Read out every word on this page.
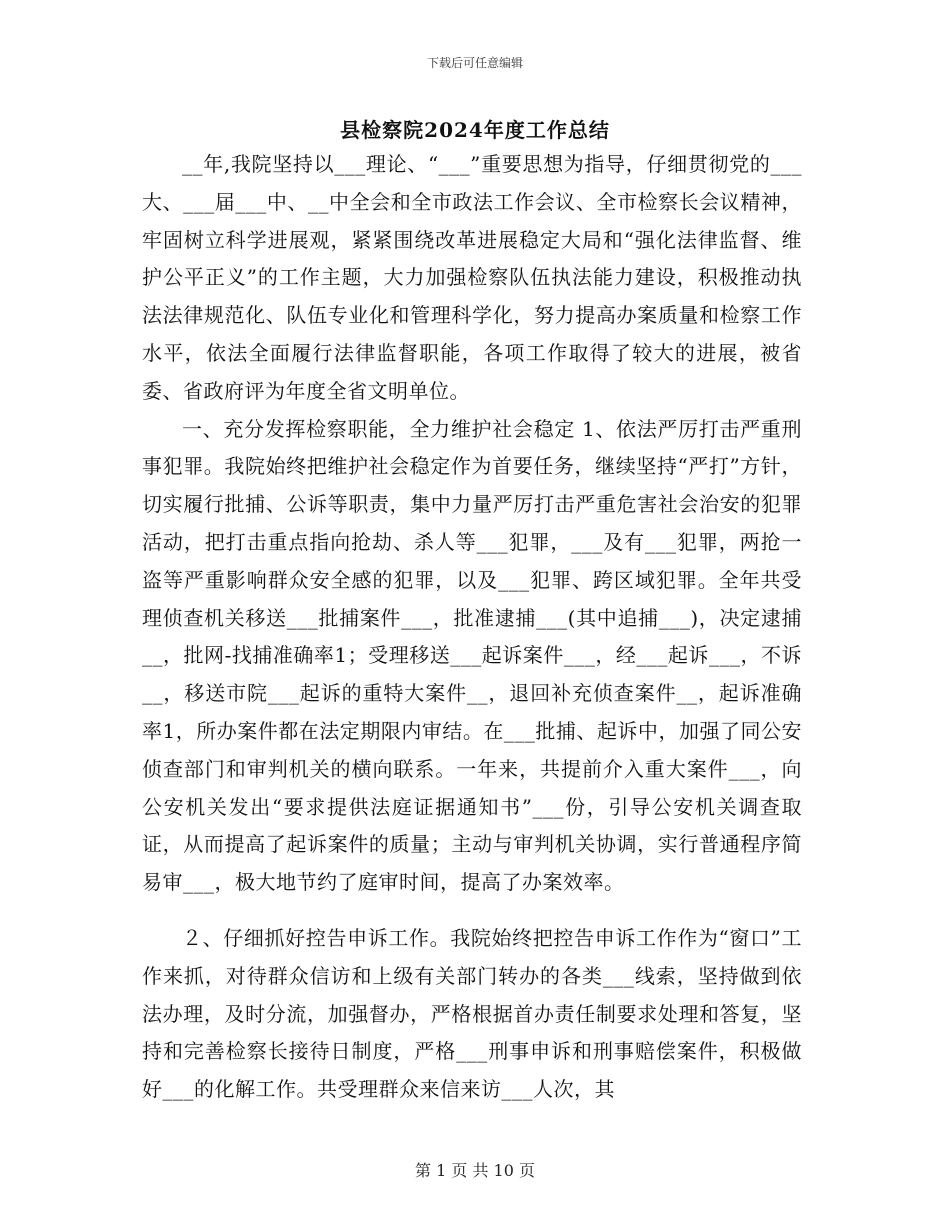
下载后可任意编辑
县检察院2024年度工作总结

__年,我院坚持以___理论、“___”重要思想为指导，仔细贯彻党的___大、___届___中、__中全会和全市政法工作会议、全市检察长会议精神，牢固树立科学进展观，紧紧围绕改革进展稳定大局和“强化法律监督、维护公平正义”的工作主题，大力加强检察队伍执法能力建设，积极推动执法法律规范化、队伍专业化和管理科学化，努力提高办案质量和检察工作水平，依法全面履行法律监督职能，各项工作取得了较大的进展，被省委、省政府评为年度全省文明单位。

一、充分发挥检察职能，全力维护社会稳定 1、依法严厉打击严重刑事犯罪。我院始终把维护社会稳定作为首要任务，继续坚持“严打”方针，切实履行批捕、公诉等职责，集中力量严厉打击严重危害社会治安的犯罪活动，把打击重点指向抢劫、杀人等___犯罪，___及有___犯罪，两抢一盗等严重影响群众安全感的犯罪，以及___犯罪、跨区域犯罪。全年共受理侦查机关移送___批捕案件___，批准逮捕___(其中追捕___)，决定逮捕__，批网-找捕准确率1；受理移送___起诉案件___，经___起诉___，不诉__，移送市院___起诉的重特大案件__，退回补充侦查案件__，起诉准确率1，所办案件都在法定期限内审结。在___批捕、起诉中，加强了同公安侦查部门和审判机关的横向联系。一年来，共提前介入重大案件___，向公安机关发出“要求提供法庭证据通知书”___份，引导公安机关调查取证，从而提高了起诉案件的质量；主动与审判机关协调，实行普通程序简易审___，极大地节约了庭审时间，提高了办案效率。

２、仔细抓好控告申诉工作。我院始终把控告申诉工作作为“窗口”工作来抓，对待群众信访和上级有关部门转办的各类___线索，坚持做到依法办理，及时分流，加强督办，严格根据首办责任制要求处理和答复，坚持和完善检察长接待日制度，严格___刑事申诉和刑事赔偿案件，积极做好___的化解工作。共受理群众来信来访___人次，其

第 1 页 共 10 页
